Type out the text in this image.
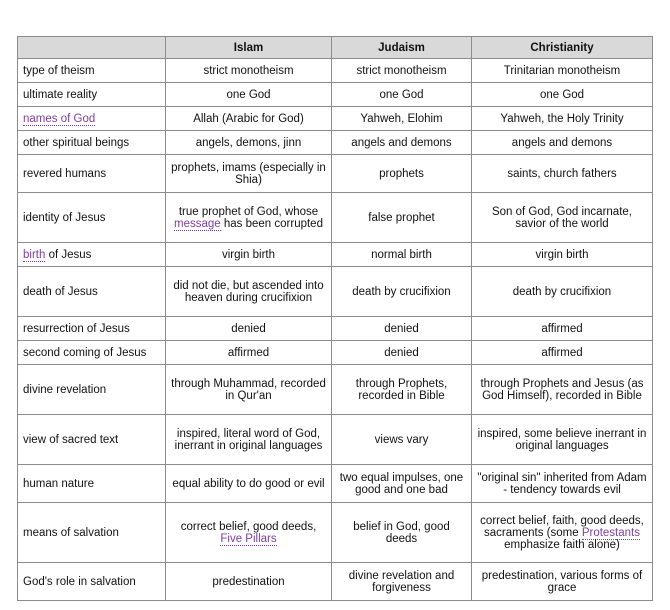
	Islam	Judaism	Christianity
type of theism	strict monotheism	strict monotheism	Trinitarian monotheism
ultimate reality	one God	one God	one God
names of God	Allah (Arabic for God)	Yahweh, Elohim	Yahweh, the Holy Trinity
other spiritual beings	angels, demons, jinn	angels and demons	angels and demons
revered humans	prophets, imams (especially in Shia)	prophets	saints, church fathers
identity of Jesus	true prophet of God, whose message has been corrupted	false prophet	Son of God, God incarnate, savior of the world
birth of Jesus	virgin birth	normal birth	virgin birth
death of Jesus	did not die, but ascended into heaven during crucifixion	death by crucifixion	death by crucifixion
resurrection of Jesus	denied	denied	affirmed
second coming of Jesus	affirmed	denied	affirmed
divine revelation	through Muhammad, recorded in Qur'an	through Prophets, recorded in Bible	through Prophets and Jesus (as God Himself), recorded in Bible
view of sacred text	inspired, literal word of God, inerrant in original languages	views vary	inspired, some believe inerrant in original languages
human nature	equal ability to do good or evil	two equal impulses, one good and one bad	"original sin" inherited from Adam - tendency towards evil
means of salvation	correct belief, good deeds, Five Pillars	belief in God, good deeds	correct belief, faith, good deeds, sacraments (some Protestants emphasize faith alone)
God's role in salvation	predestination	divine revelation and forgiveness	predestination, various forms of grace
